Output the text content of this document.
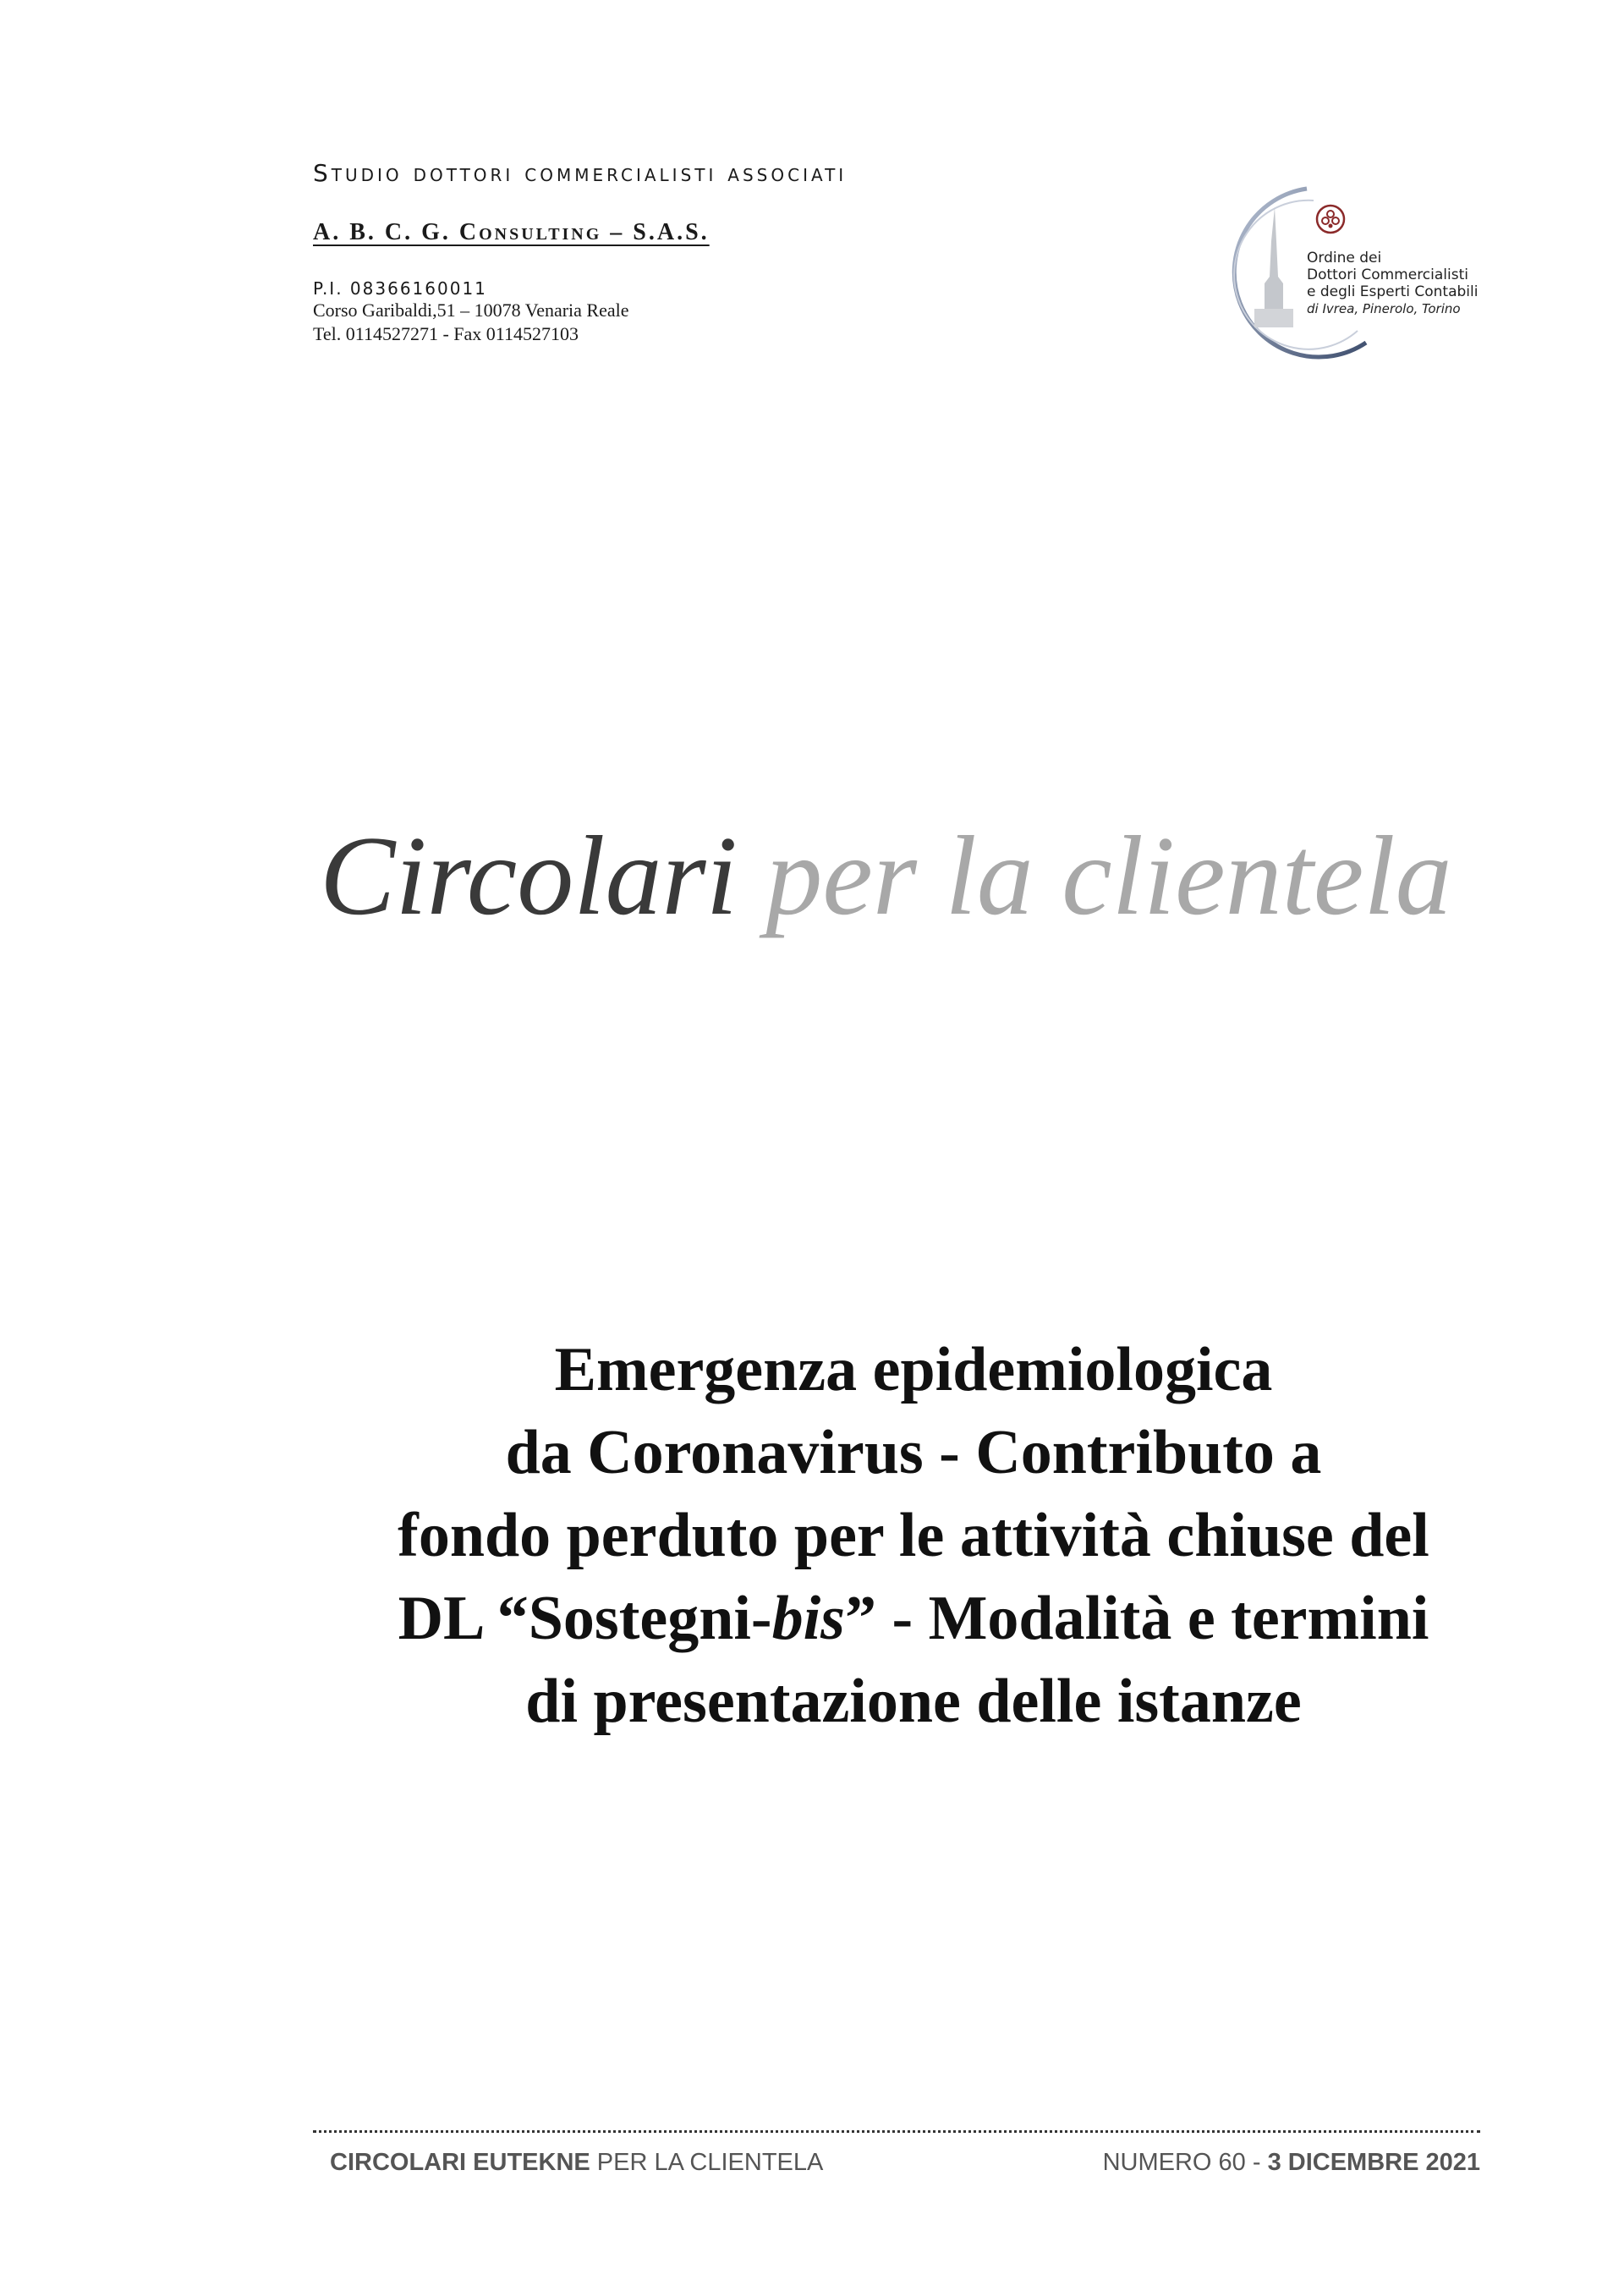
Studio dottori commercialisti associati
A. B. C. G. Consulting – S.A.S.
P.I. 08366160011
Corso Garibaldi,51 – 10078 Venaria Reale
Tel. 0114527271 - Fax 0114527103
Ordine dei
Dottori Commercialisti
e degli Esperti Contabili
di Ivrea, Pinerolo, Torino
Circolari per la clientela
Emergenza epidemiologica
da Coronavirus - Contributo a
fondo perduto per le attività chiuse del
DL “Sostegni-bis” - Modalità e termini
di presentazione delle istanze
CIRCOLARI EUTEKNE PER LA CLIENTELA	NUMERO 60 - 3 DICEMBRE 2021
